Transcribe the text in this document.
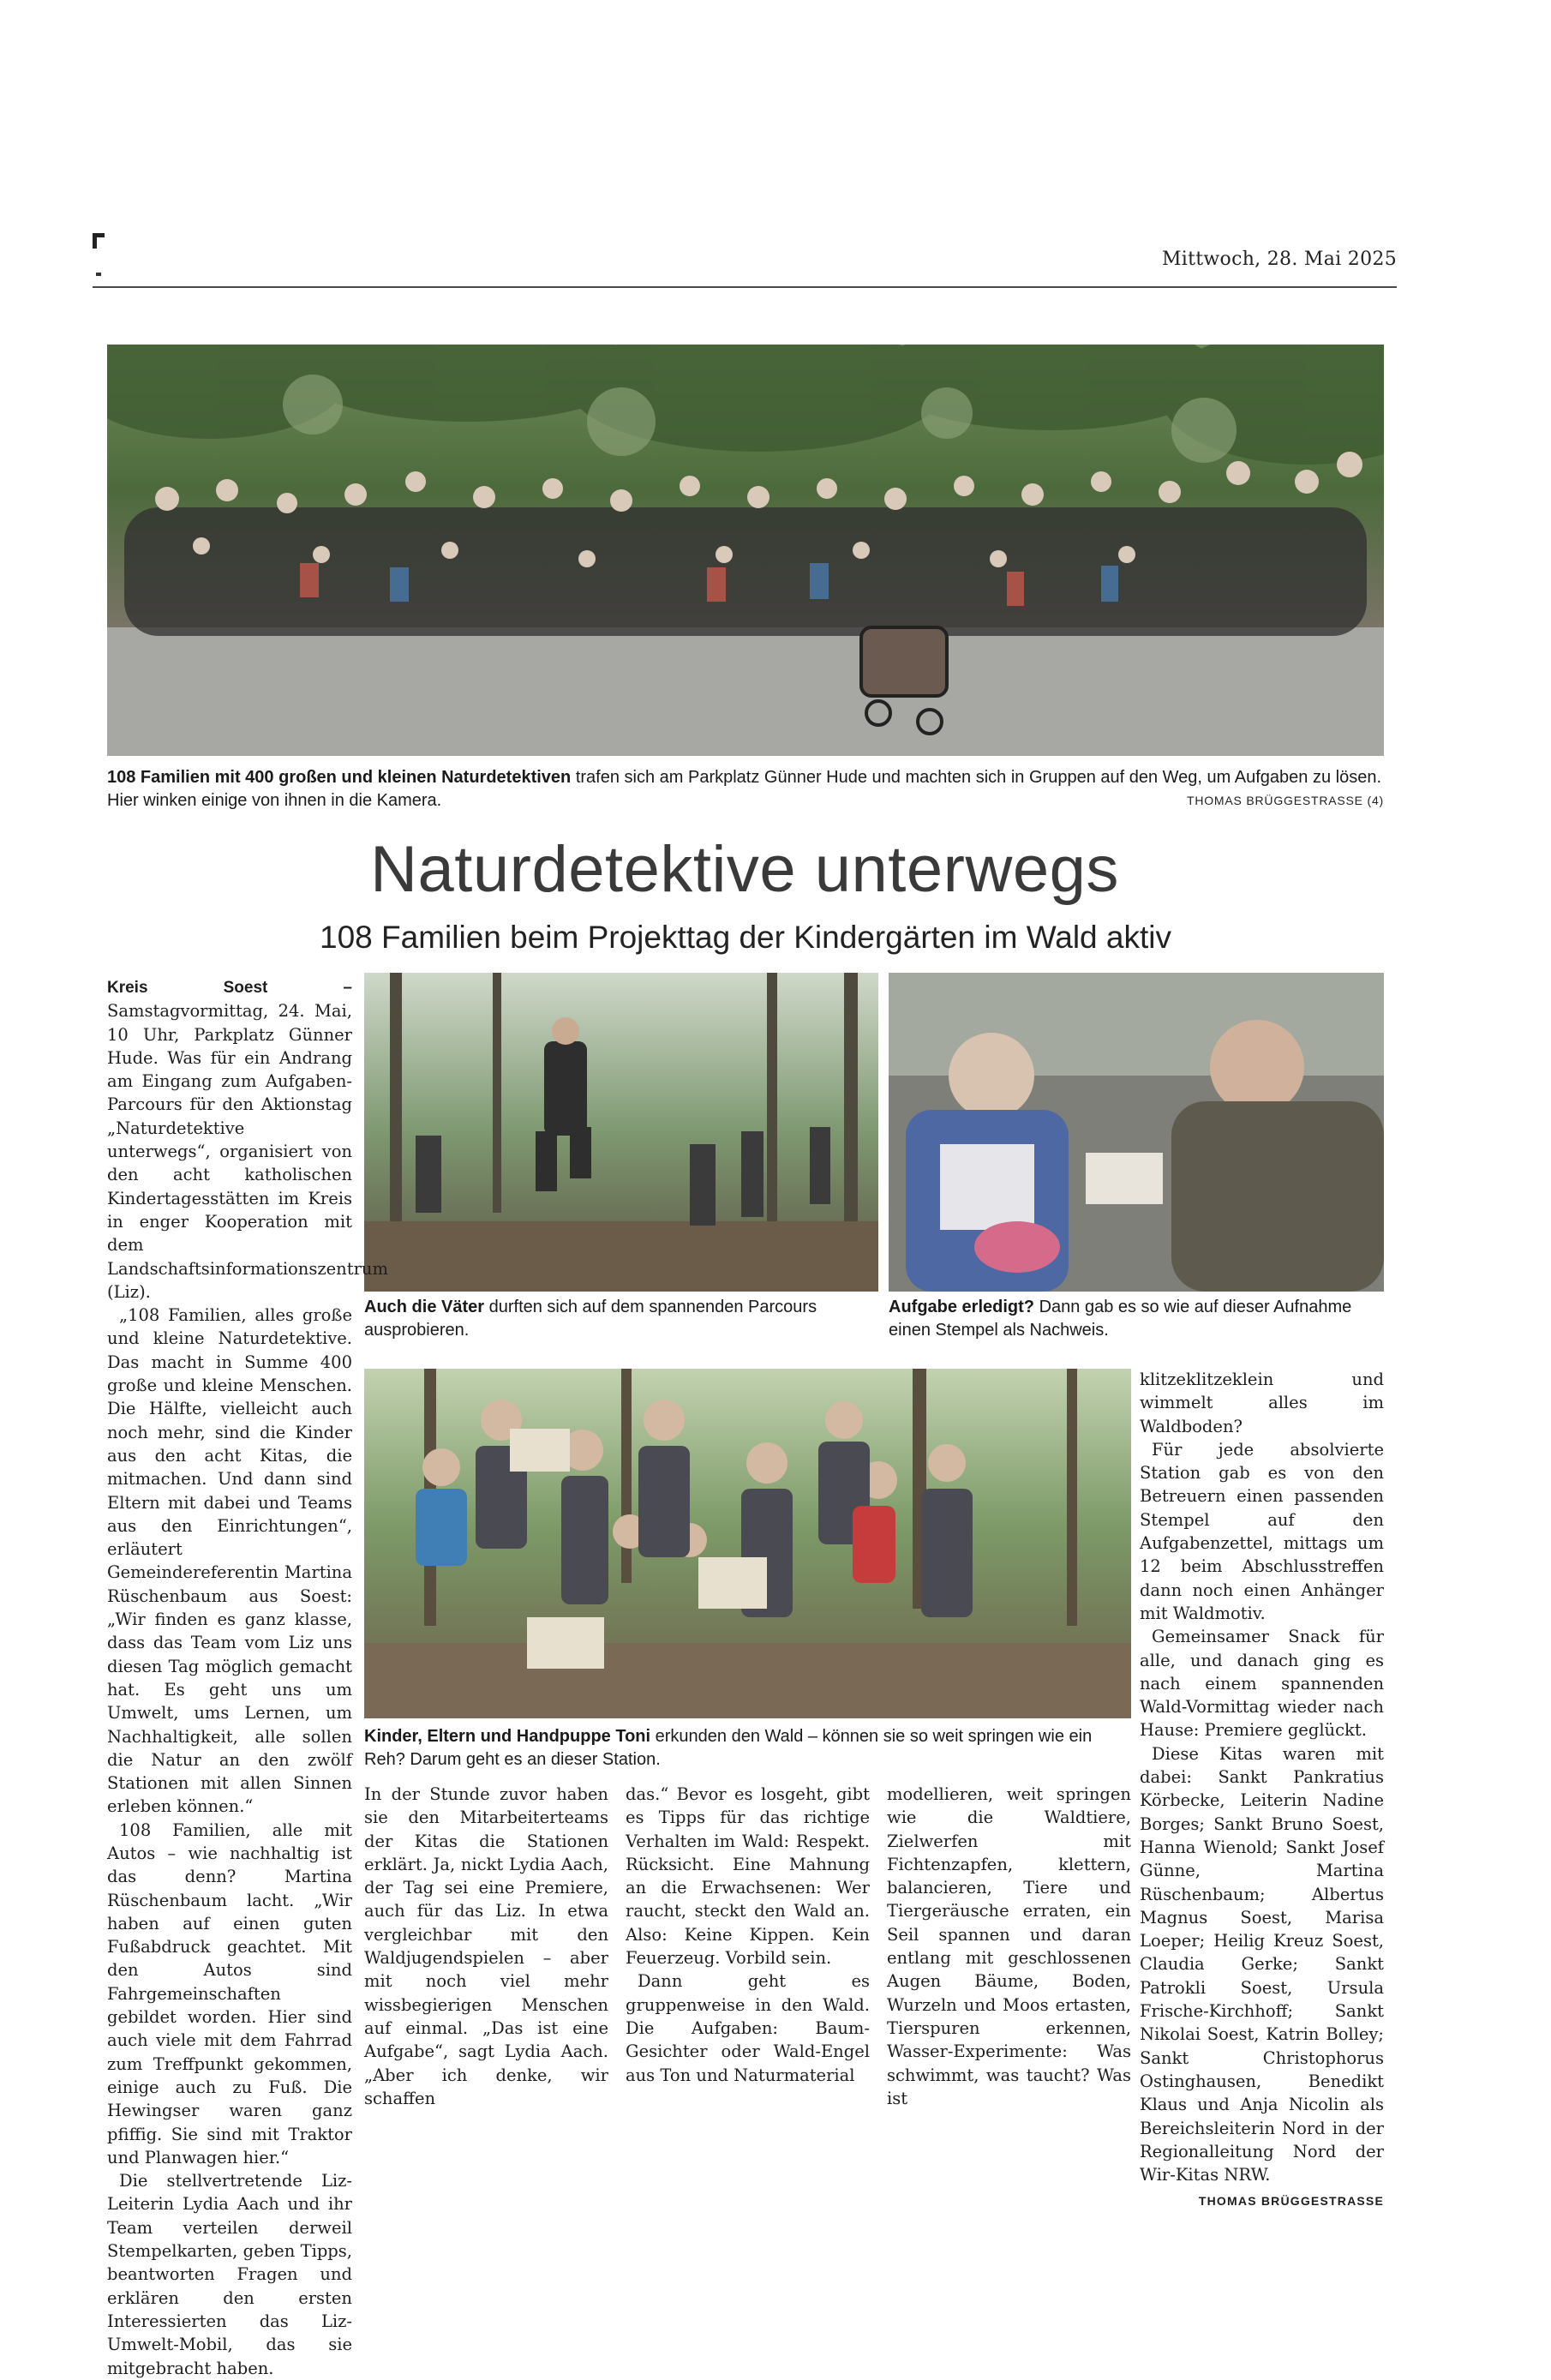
Mittwoch, 28. Mai 2025
108 Familien mit 400 großen und kleinen Naturdetektiven trafen sich am Parkplatz Günner Hude und machten sich in Gruppen auf den Weg, um Aufgaben zu lösen. Hier winken einige von ihnen in die Kamera.	THOMAS BRÜGGESTRASSE (4)
Naturdetektive unterwegs
108 Familien beim Projekttag der Kindergärten im Wald aktiv
Auch die Väter durften sich auf dem spannenden Parcours ausprobieren.
Aufgabe erledigt? Dann gab es so wie auf dieser Aufnahme einen Stempel als Nachweis.
Kinder, Eltern und Handpuppe Toni erkunden den Wald – können sie so weit springen wie ein Reh? Darum geht es an dieser Station.

Kreis Soest – Samstagvormittag, 24. Mai, 10 Uhr, Parkplatz Günner Hude. Was für ein Andrang am Eingang zum Aufgaben-Parcours für den Aktionstag „Naturdetektive unterwegs“, organisiert von den acht katholischen Kindertagesstätten im Kreis in enger Kooperation mit dem Landschaftsinformationszentrum (Liz).

„108 Familien, alles große und kleine Naturdetektive. Das macht in Summe 400 große und kleine Menschen. Die Hälfte, vielleicht auch noch mehr, sind die Kinder aus den acht Kitas, die mitmachen. Und dann sind Eltern mit dabei und Teams aus den Einrichtungen“, erläutert Gemeindereferentin Martina Rüschenbaum aus Soest: „Wir finden es ganz klasse, dass das Team vom Liz uns diesen Tag möglich gemacht hat. Es geht uns um Umwelt, ums Lernen, um Nachhaltigkeit, alle sollen die Natur an den zwölf Stationen mit allen Sinnen erleben können.“

108 Familien, alle mit Autos – wie nachhaltig ist das denn? Martina Rüschenbaum lacht. „Wir haben auf einen guten Fußabdruck geachtet. Mit den Autos sind Fahrgemeinschaften gebildet worden. Hier sind auch viele mit dem Fahrrad zum Treffpunkt gekommen, einige auch zu Fuß. Die Hewingser waren ganz pfiffig. Sie sind mit Traktor und Planwagen hier.“

Die stellvertretende Liz-Leiterin Lydia Aach und ihr Team verteilen derweil Stempelkarten, geben Tipps, beantworten Fragen und erklären den ersten Interessierten das Liz-Umwelt-Mobil, das sie mitgebracht haben.

In der Stunde zuvor haben sie den Mitarbeiterteams der Kitas die Stationen erklärt. Ja, nickt Lydia Aach, der Tag sei eine Premiere, auch für das Liz. In etwa vergleichbar mit den Waldjugendspielen – aber mit noch viel mehr wissbegierigen Menschen auf einmal. „Das ist eine Aufgabe“, sagt Lydia Aach. „Aber ich denke, wir schaffen

das.“ Bevor es losgeht, gibt es Tipps für das richtige Verhalten im Wald: Respekt. Rücksicht. Eine Mahnung an die Erwachsenen: Wer raucht, steckt den Wald an. Also: Keine Kippen. Kein Feuerzeug. Vorbild sein.

Dann geht es gruppenweise in den Wald. Die Aufgaben: Baum-Gesichter oder Wald-Engel aus Ton und Naturmaterial

modellieren, weit springen wie die Waldtiere, Zielwerfen mit Fichtenzapfen, klettern, balancieren, Tiere und Tiergeräusche erraten, ein Seil spannen und daran entlang mit geschlossenen Augen Bäume, Boden, Wurzeln und Moos ertasten, Tierspuren erkennen, Wasser-Experimente: Was schwimmt, was taucht? Was ist

klitzeklitzeklein und wimmelt alles im Waldboden?

Für jede absolvierte Station gab es von den Betreuern einen passenden Stempel auf den Aufgabenzettel, mittags um 12 beim Abschlusstreffen dann noch einen Anhänger mit Waldmotiv.

Gemeinsamer Snack für alle, und danach ging es nach einem spannenden Wald-Vormittag wieder nach Hause: Premiere geglückt.

Diese Kitas waren mit dabei: Sankt Pankratius Körbecke, Leiterin Nadine Borges; Sankt Bruno Soest, Hanna Wienold; Sankt Josef Günne, Martina Rüschenbaum; Albertus Magnus Soest, Marisa Loeper; Heilig Kreuz Soest, Claudia Gerke; Sankt Patrokli Soest, Ursula Frische-Kirchhoff; Sankt Nikolai Soest, Katrin Bolley; Sankt Christophorus Ostinghausen, Benedikt Klaus und Anja Nicolin als Bereichsleiterin Nord in der Regionalleitung Nord der Wir-Kitas NRW.

THOMAS BRÜGGESTRASSE
